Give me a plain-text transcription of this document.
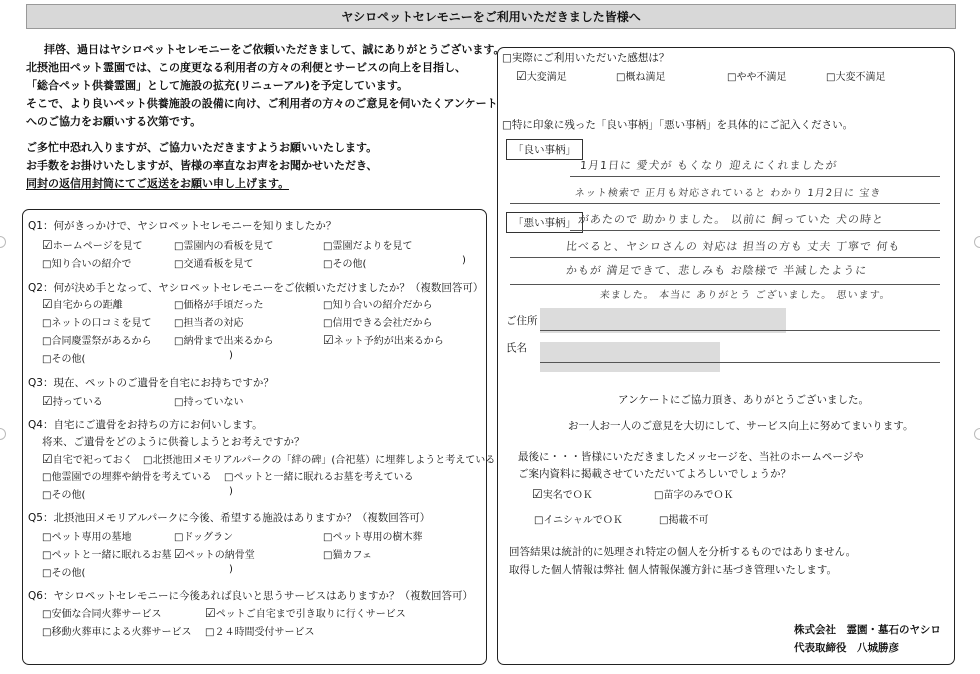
ヤシロペットセレモニーをご利用いただきました皆様へ
拝啓、過日はヤシロペットセレモニーをご依頼いただきまして、誠にありがとうございます。
北摂池田ペット霊園では、この度更なる利用者の方々の利便とサービスの向上を目指し、
「総合ペット供養霊園」として施設の拡充(リニューアル)を予定しています。
そこで、より良いペット供養施設の設備に向け、ご利用者の方々のご意見を伺いたくアンケート
へのご協力をお願いする次第です。
ご多忙中恐れ入りますが、ご協力いただきますようお願いいたします。
お手数をお掛けいたしますが、皆様の率直なお声をお聞かせいただき、
同封の返信用封筒にてご返送をお願い申し上げます。
Q1：何がきっかけで、ヤシロペットセレモニーを知りましたか？
☑ホームページを見て	□霊園内の看板を見て	□霊園だよりを見て
□知り合いの紹介で	□交通看板を見て	□その他(	)
Q2：何が決め手となって、ヤシロペットセレモニーをご依頼いただけましたか？（複数回答可）
☑自宅からの距離	□価格が手頃だった	□知り合いの紹介だから
□ネットの口コミを見て □担当者の対応	□信用できる会社だから
□合同慶霊祭があるから □納骨まで出来るから	☑ネット予約が出来るから
□その他(	)
Q3：現在、ペットのご遺骨を自宅にお持ちですか？
☑持っている	□持っていない
Q4：自宅にご遺骨をお持ちの方にお伺いします。
将来、ご遺骨をどのように供養しようとお考えですか？
☑自宅で祀っておく □北摂池田メモリアルパークの「絆の碑」(合祀墓）に埋葬しようと考えている
□他霊園での埋葬や納骨を考えている □ペットと一緒に眠れるお墓を考えている
□その他(	)
Q5：北摂池田メモリアルパークに今後、希望する施設はありますか？（複数回答可）
□ペット専用の墓地	□ドッグラン	□ペット専用の樹木葬
□ペットと一緒に眠れるお墓 ☑ペットの納骨堂	□猫カフェ
□その他(	)
Q6：ヤシロペットセレモニーに今後あれば良いと思うサービスはありますか？（複数回答可）
□安価な合同火葬サービス	☑ペットご自宅まで引き取りに行くサービス
□移動火葬車による火葬サービス □２４時間受付サービス
□実際にご利用いただいた感想は？
☑大変満足	□概ね満足	□やや不満足	□大変不満足
□特に印象に残った「良い事柄」「悪い事柄」を具体的にご記入ください。
「良い事柄」
「悪い事柄」
1月1日に 愛犬が もくなり 迎えにくれましたが
ネット検索で 正月も対応されていると わかり 1月2日に 宝き
があたので 助かりました。 以前に 飼っていた 犬の時と
比べると、ヤシロさんの 対応は 担当の方も 丈夫 丁寧で 何も
かもが 満足できて、悲しみも お陰様で 半減したように
来ました。 本当に ありがとう ございました。 思います。
ご住所
氏名
アンケートにご協力頂き、ありがとうございました。
お一人お一人のご意見を大切にして、サービス向上に努めてまいります。
最後に・・・皆様にいただきましたメッセージを、当社のホームページや
ご案内資料に掲載させていただいてよろしいでしょうか？
☑実名でＯＫ	□苗字のみでＯＫ
□イニシャルでＯＫ	□掲載不可
回答結果は統計的に処理され特定の個人を分析するものではありません。
取得した個人情報は弊社 個人情報保護方針に基づき管理いたします。
株式会社　霊園・墓石のヤシロ
代表取締役　八城勝彦
